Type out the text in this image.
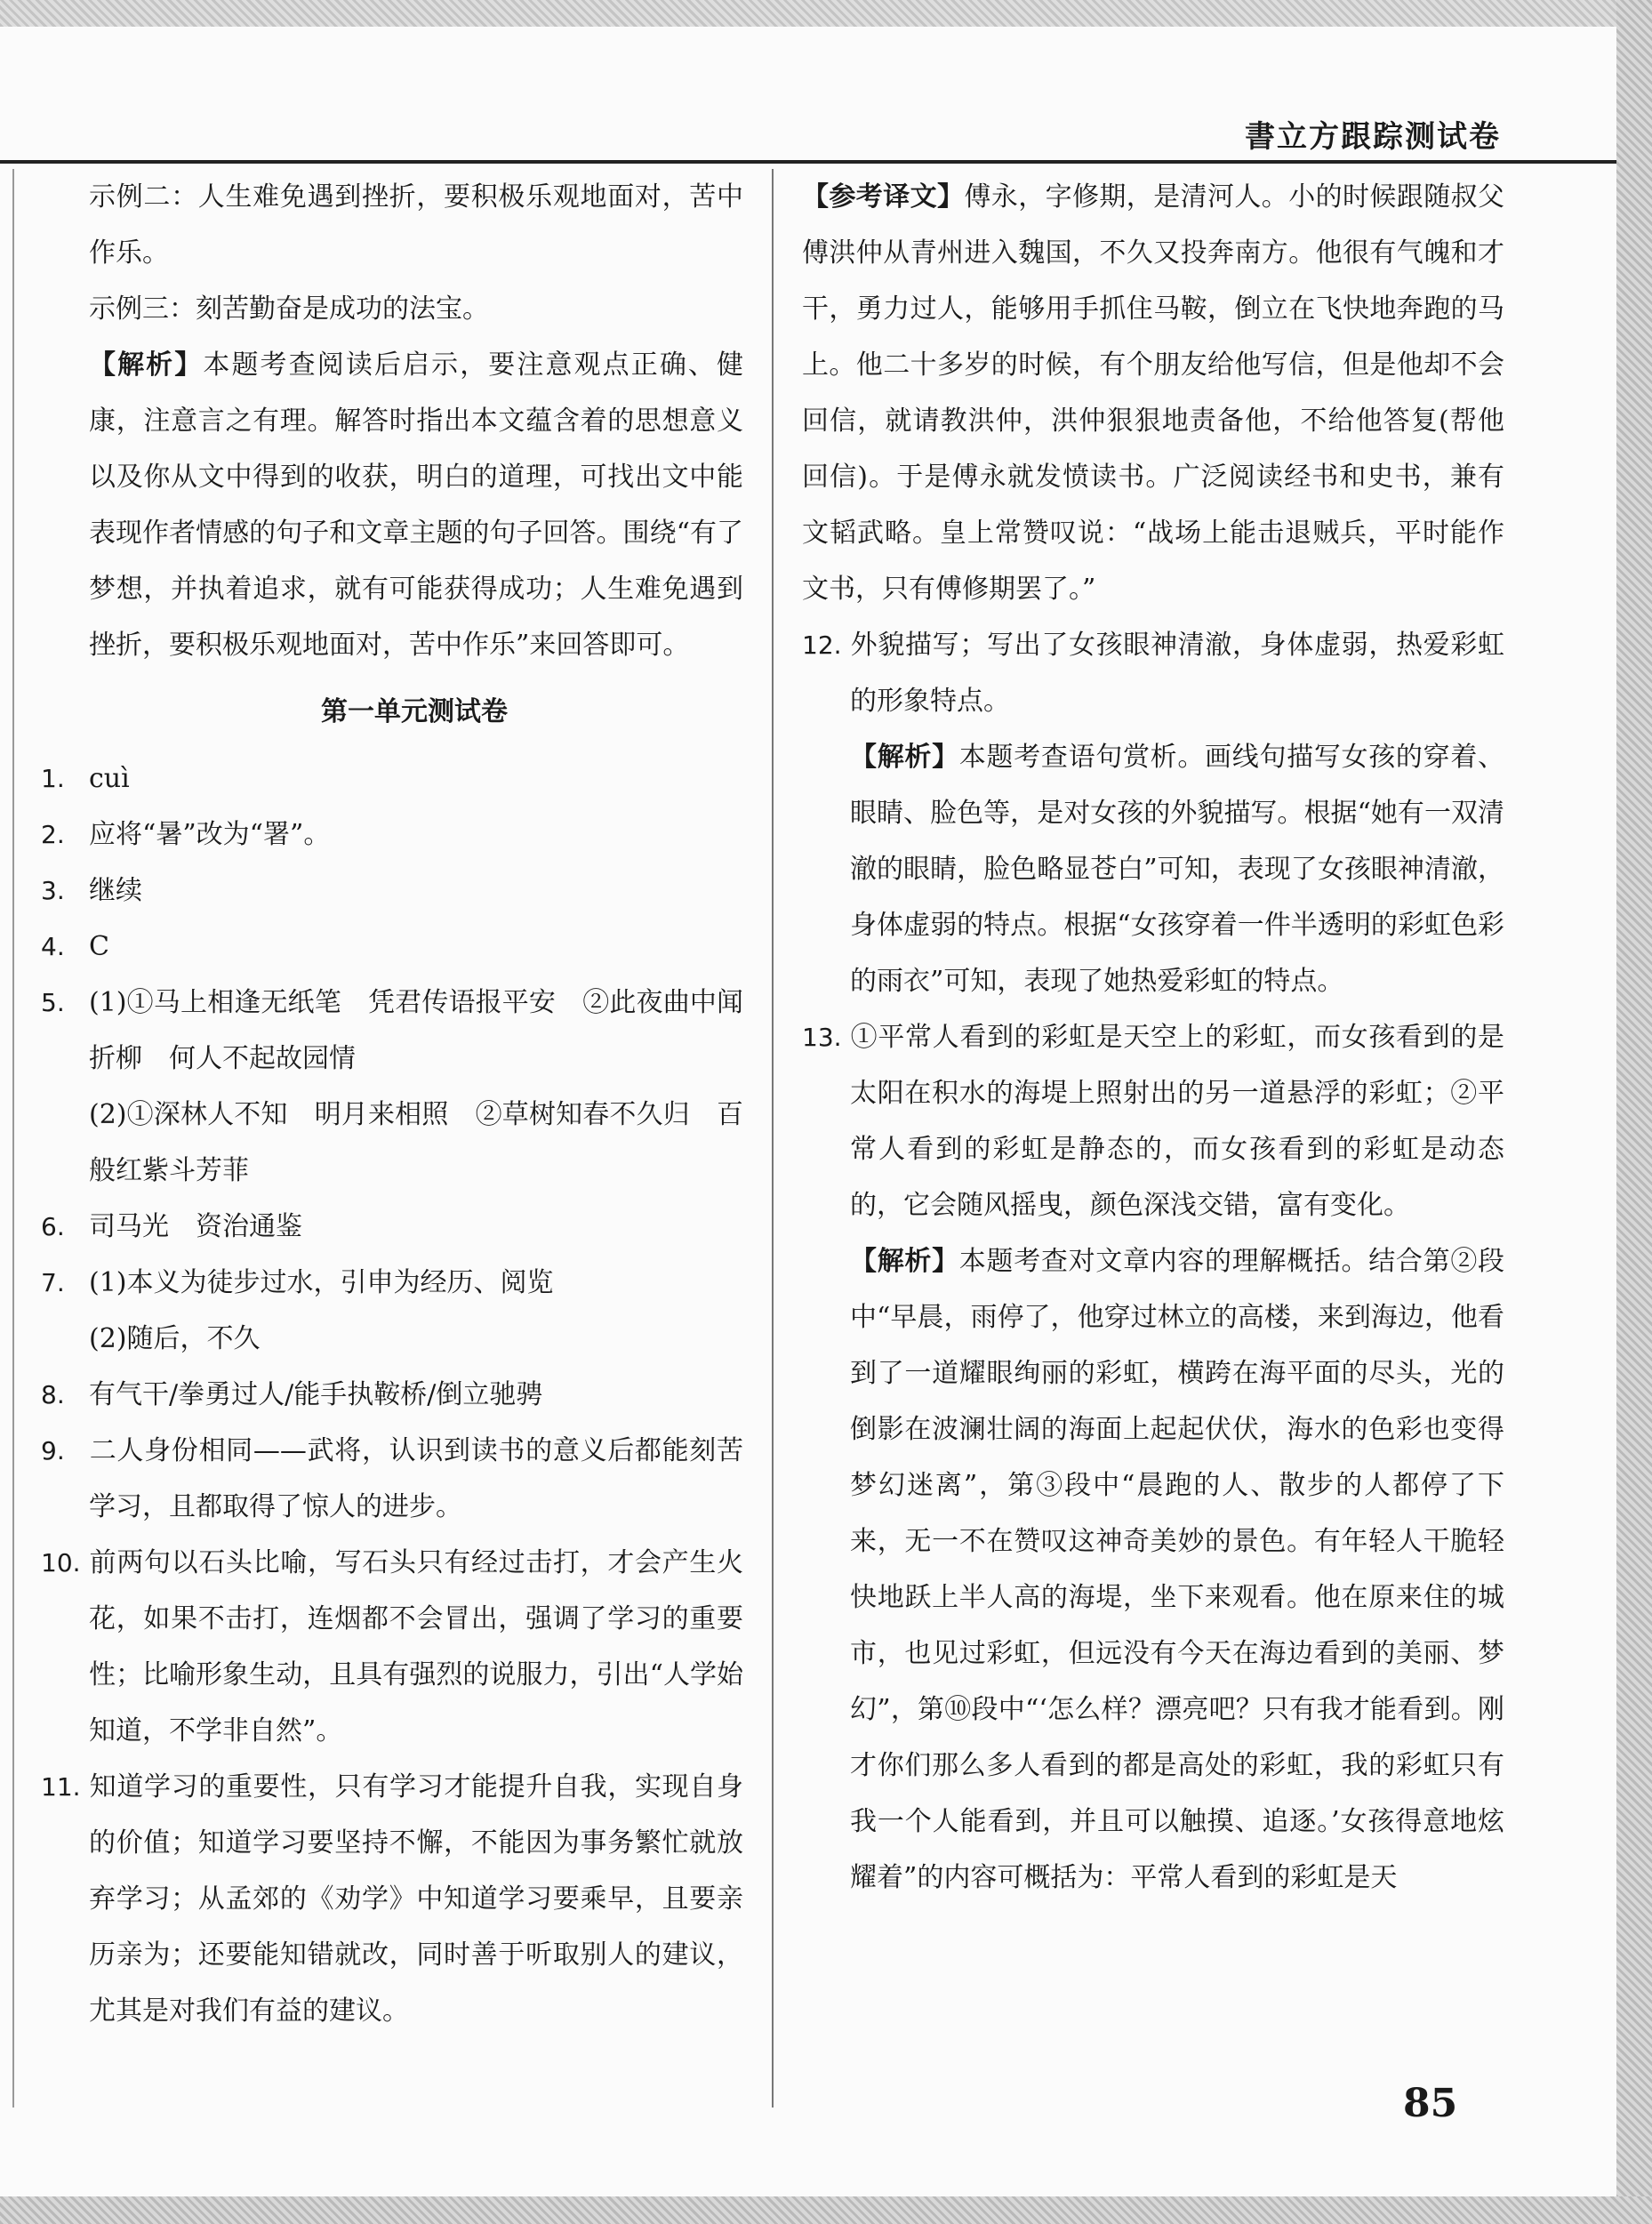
書立方跟踪测试卷

示例二：人生难免遇到挫折，要积极乐观地面对，苦中作乐。

示例三：刻苦勤奋是成功的法宝。

【解析】本题考查阅读后启示，要注意观点正确、健康，注意言之有理。解答时指出本文蕴含着的思想意义以及你从文中得到的收获，明白的道理，可找出文中能表现作者情感的句子和文章主题的句子回答。围绕“有了梦想，并执着追求，就有可能获得成功；人生难免遇到挫折，要积极乐观地面对，苦中作乐”来回答即可。

第一单元测试卷

1. cuì

2. 应将“暑”改为“署”。

3. 继续

4. C

5. (1)①马上相逢无纸笔　凭君传语报平安　②此夜曲中闻折柳　何人不起故园情

(2)①深林人不知　明月来相照　②草树知春不久归　百般红紫斗芳菲

6. 司马光　资治通鉴

7. (1)本义为徒步过水，引申为经历、阅览

(2)随后，不久

8. 有气干/拳勇过人/能手执鞍桥/倒立驰骋

9. 二人身份相同——武将，认识到读书的意义后都能刻苦学习，且都取得了惊人的进步。

10. 前两句以石头比喻，写石头只有经过击打，才会产生火花，如果不击打，连烟都不会冒出，强调了学习的重要性；比喻形象生动，且具有强烈的说服力，引出“人学始知道，不学非自然”。

11. 知道学习的重要性，只有学习才能提升自我，实现自身的价值；知道学习要坚持不懈，不能因为事务繁忙就放弃学习；从孟郊的《劝学》中知道学习要乘早，且要亲历亲为；还要能知错就改，同时善于听取别人的建议，尤其是对我们有益的建议。

【参考译文】傅永，字修期，是清河人。小的时候跟随叔父傅洪仲从青州进入魏国，不久又投奔南方。他很有气魄和才干，勇力过人，能够用手抓住马鞍，倒立在飞快地奔跑的马上。他二十多岁的时候，有个朋友给他写信，但是他却不会回信，就请教洪仲，洪仲狠狠地责备他，不给他答复(帮他回信)。于是傅永就发愤读书。广泛阅读经书和史书，兼有文韬武略。皇上常赞叹说：“战场上能击退贼兵，平时能作文书，只有傅修期罢了。”

12. 外貌描写；写出了女孩眼神清澈，身体虚弱，热爱彩虹的形象特点。

【解析】本题考查语句赏析。画线句描写女孩的穿着、眼睛、脸色等，是对女孩的外貌描写。根据“她有一双清澈的眼睛，脸色略显苍白”可知，表现了女孩眼神清澈，身体虚弱的特点。根据“女孩穿着一件半透明的彩虹色彩的雨衣”可知，表现了她热爱彩虹的特点。

13. ①平常人看到的彩虹是天空上的彩虹，而女孩看到的是太阳在积水的海堤上照射出的另一道悬浮的彩虹；②平常人看到的彩虹是静态的，而女孩看到的彩虹是动态的，它会随风摇曳，颜色深浅交错，富有变化。

【解析】本题考查对文章内容的理解概括。结合第②段中“早晨，雨停了，他穿过林立的高楼，来到海边，他看到了一道耀眼绚丽的彩虹，横跨在海平面的尽头，光的倒影在波澜壮阔的海面上起起伏伏，海水的色彩也变得梦幻迷离”，第③段中“晨跑的人、散步的人都停了下来，无一不在赞叹这神奇美妙的景色。有年轻人干脆轻快地跃上半人高的海堤，坐下来观看。他在原来住的城市，也见过彩虹，但远没有今天在海边看到的美丽、梦幻”，第⑩段中“‘怎么样？漂亮吧？只有我才能看到。刚才你们那么多人看到的都是高处的彩虹，我的彩虹只有我一个人能看到，并且可以触摸、追逐。’女孩得意地炫耀着”的内容可概括为：平常人看到的彩虹是天

85
